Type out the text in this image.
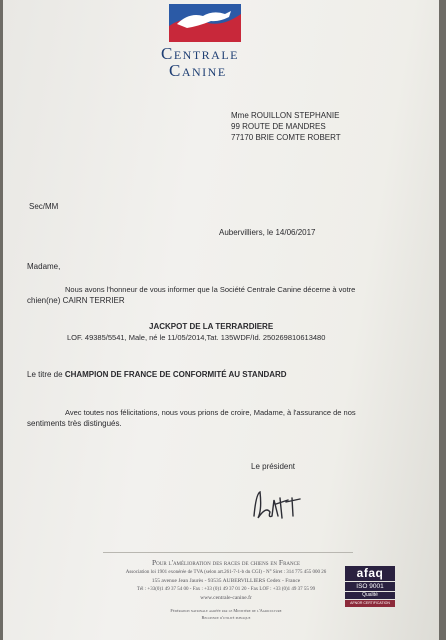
Centrale
Canine
Mme ROUILLON STEPHANIE
99 ROUTE DE MANDRES
77170 BRIE COMTE ROBERT
Sec/MM
Aubervilliers, le 14/06/2017
Madame,
Nous avons l'honneur de vous informer que la Société Centrale Canine décerne à votre
chien(ne) CAIRN TERRIER
JACKPOT DE LA TERRARDIERE
LOF. 49385/5541, Male, né le 11/05/2014,Tat. 135WDF/Id. 250269810613480
Le titre de CHAMPION DE FRANCE DE CONFORMITÉ AU STANDARD
Avec toutes nos félicitations, nous vous prions de croire, Madame, à l'assurance de nos
sentiments très distingués.
Le président
Pour l'amélioration des races de chiens en France
Association loi 1901 exonérée de TVA (selon art.261-7-1-b du CGI) - N° Siret : 314 775 455 000 26
155 avenue Jean Jaurès - 93535 AUBERVILLIERS Cedex - France
Tél : +33(0)1 49 37 54 00 - Fax : +33 (0)1 49 37 01 20 - Fax LOF : +33 (0)1 49 37 55 99
www.centrale-canine.fr
Fédération nationale agréée par le Ministère de l'Agriculture
Reconnue d'utilité publique
afaq
ISO 9001
Qualité
AFNOR CERTIFICATION
